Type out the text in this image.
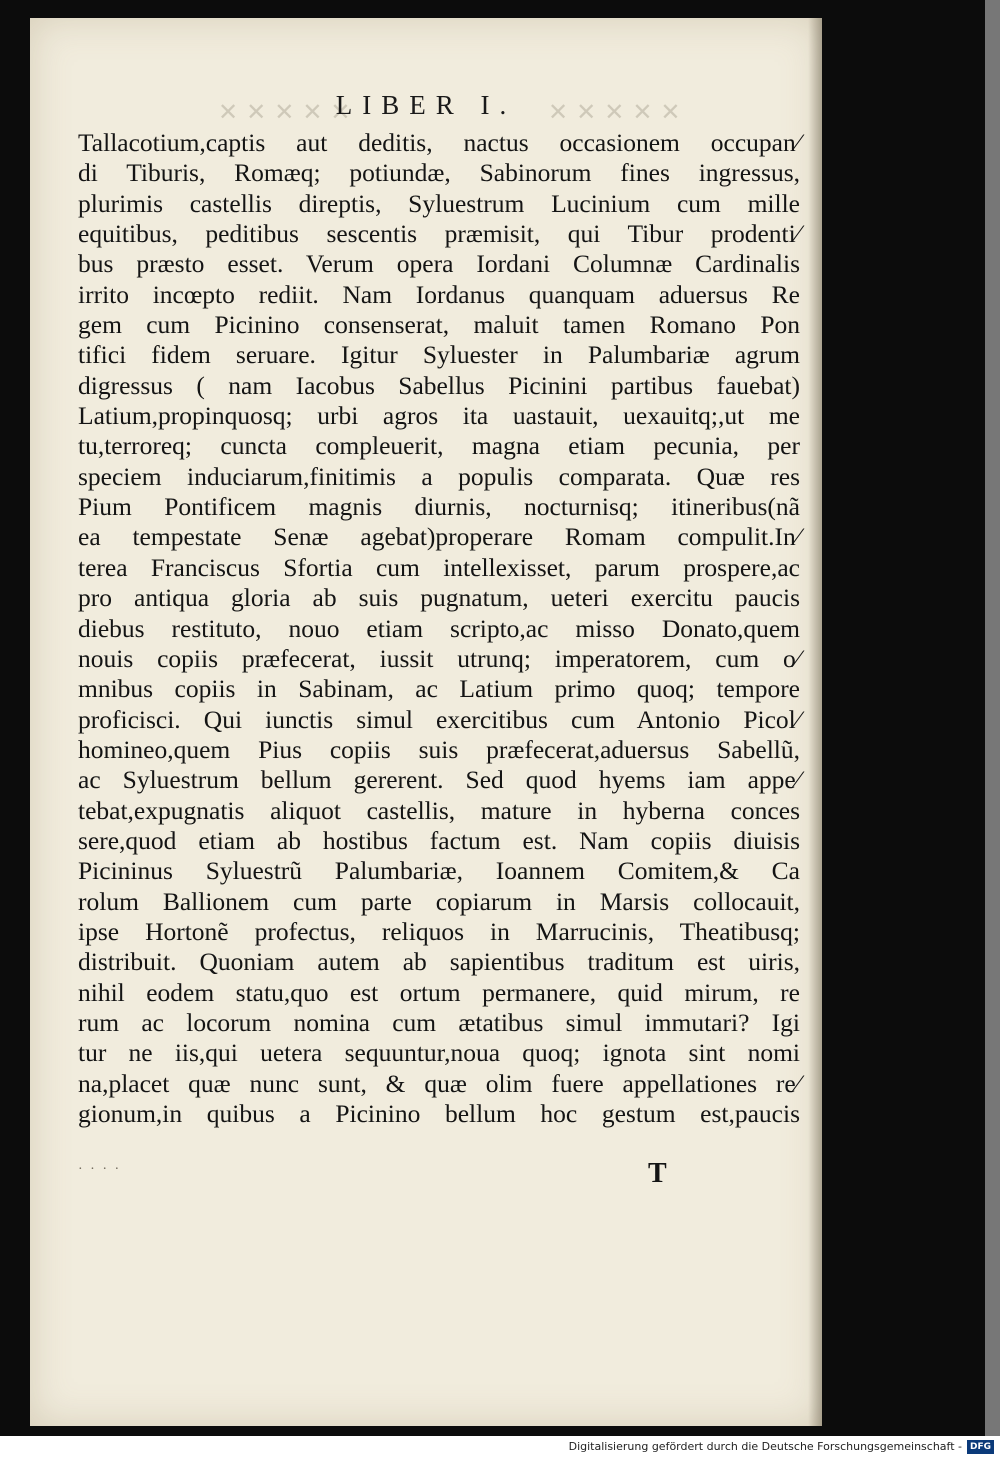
✕✕✕✕✕	✕✕✕✕✕
LIBER I.
Tallacotium,captis aut deditis, nactus occasionem occupan⁄
di Tiburis, Romæq; potiundæ, Sabinorum fines ingressus,
plurimis castellis direptis, Syluestrum Lucinium cum mille
equitibus, peditibus sescentis præmisit, qui Tibur prodenti⁄
bus præsto esset. Verum opera Iordani Columnæ Cardinalis
irrito incœpto rediit. Nam Iordanus quanquam aduersus Re
gem cum Picinino consenserat, maluit tamen Romano Pon
tifici fidem seruare. Igitur Syluester in Palumbariæ agrum
digressus ( nam Iacobus Sabellus Picinini partibus fauebat)
Latium,propinquosq; urbi agros ita uastauit, uexauitq;,ut me
tu,terroreq; cuncta compleuerit, magna etiam pecunia, per
speciem induciarum,finitimis a populis comparata. Quæ res
Pium Pontificem magnis diurnis, nocturnisq; itineribus(nã
ea tempestate Senæ agebat)properare Romam compulit.In⁄
terea Franciscus Sfortia cum intellexisset, parum prospere,ac
pro antiqua gloria ab suis pugnatum, ueteri exercitu paucis
diebus restituto, nouo etiam scripto,ac misso Donato,quem
nouis copiis præfecerat, iussit utrunq; imperatorem, cum o⁄
mnibus copiis in Sabinam, ac Latium primo quoq; tempore
proficisci. Qui iunctis simul exercitibus cum Antonio Picol⁄
homineo,quem Pius copiis suis præfecerat,aduersus Sabellũ,
ac Syluestrum bellum gererent. Sed quod hyems iam appe⁄
tebat,expugnatis aliquot castellis, mature in hyberna conces
sere,quod etiam ab hostibus factum est. Nam copiis diuisis
Picininus Syluestrũ Palumbariæ, Ioannem Comitem,& Ca
rolum Ballionem cum parte copiarum in Marsis collocauit,
ipse Hortonẽ profectus, reliquos in Marrucinis, Theatibusq;
distribuit. Quoniam autem ab sapientibus traditum est uiris,
nihil eodem statu,quo est ortum permanere, quid mirum, re
rum ac locorum nomina cum ætatibus simul immutari? Igi
tur ne iis,qui uetera sequuntur,noua quoq; ignota sint nomi
na,placet quæ nunc sunt, & quæ olim fuere appellationes re⁄
gionum,in quibus a Picinino bellum hoc gestum est,paucis
· · · ·	T
Digitalisierung gefördert durch die Deutsche Forschungsgemeinschaft - DFG
